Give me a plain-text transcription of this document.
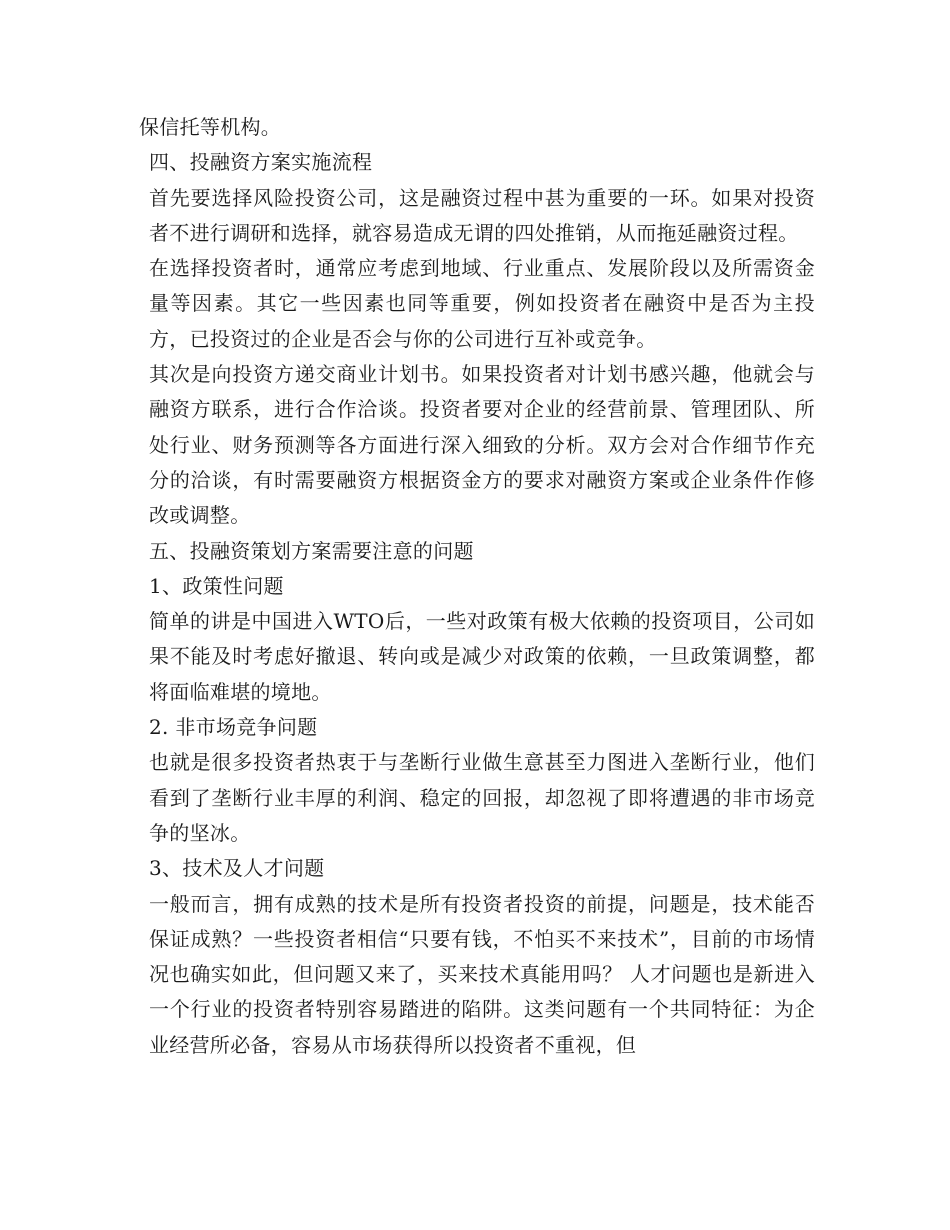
保信托等机构。

四、投融资方案实施流程

首先要选择风险投资公司，这是融资过程中甚为重要的一环。如果对投资者不进行调研和选择，就容易造成无谓的四处推销，从而拖延融资过程。

在选择投资者时，通常应考虑到地域、行业重点、发展阶段以及所需资金量等因素。其它一些因素也同等重要，例如投资者在融资中是否为主投方，已投资过的企业是否会与你的公司进行互补或竞争。

其次是向投资方递交商业计划书。如果投资者对计划书感兴趣，他就会与融资方联系，进行合作洽谈。投资者要对企业的经营前景、管理团队、所处行业、财务预测等各方面进行深入细致的分析。双方会对合作细节作充分的洽谈，有时需要融资方根据资金方的要求对融资方案或企业条件作修改或调整。

五、投融资策划方案需要注意的问题

1、政策性问题

简单的讲是中国进入WTO后，一些对政策有极大依赖的投资项目，公司如果不能及时考虑好撤退、转向或是减少对政策的依赖，一旦政策调整，都将面临难堪的境地。

2. 非市场竞争问题

也就是很多投资者热衷于与垄断行业做生意甚至力图进入垄断行业，他们看到了垄断行业丰厚的利润、稳定的回报，却忽视了即将遭遇的非市场竞争的坚冰。

3、技术及人才问题

一般而言，拥有成熟的技术是所有投资者投资的前提，问题是，技术能否保证成熟？一些投资者相信“只要有钱，不怕买不来技术”，目前的市场情况也确实如此，但问题又来了，买来技术真能用吗？ 人才问题也是新进入一个行业的投资者特别容易踏进的陷阱。这类问题有一个共同特征：为企业经营所必备，容易从市场获得所以投资者不重视，但
